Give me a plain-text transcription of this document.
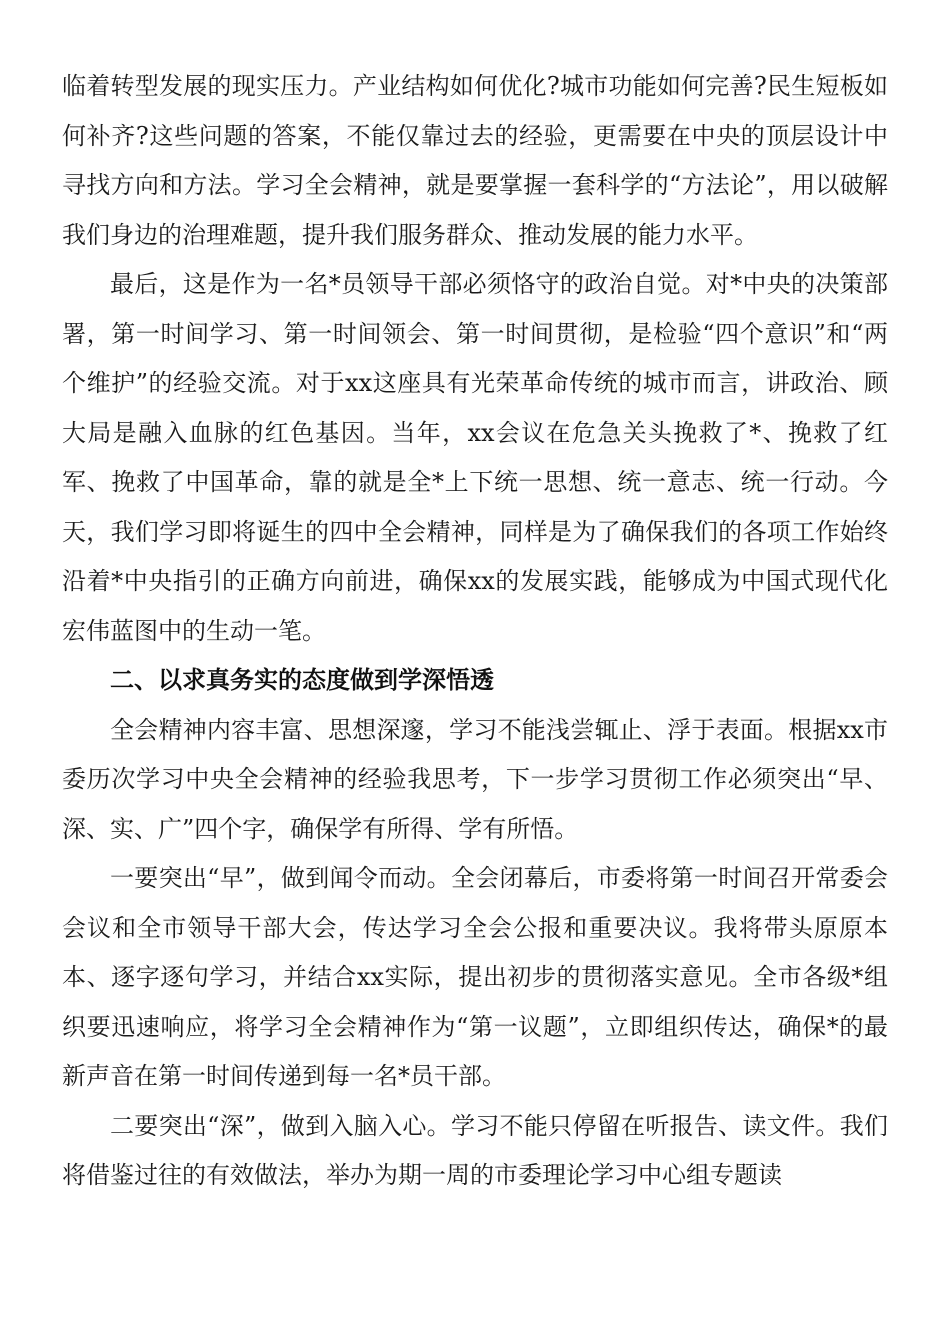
临着转型发展的现实压力。产业结构如何优化?城市功能如何完善?民生短板如何补齐?这些问题的答案，不能仅靠过去的经验，更需要在中央的顶层设计中寻找方向和方法。学习全会精神，就是要掌握一套科学的“方法论”，用以破解我们身边的治理难题，提升我们服务群众、推动发展的能力水平。

最后，这是作为一名*员领导干部必须恪守的政治自觉。对*中央的决策部署，第一时间学习、第一时间领会、第一时间贯彻，是检验“四个意识”和“两个维护”的经验交流。对于xx这座具有光荣革命传统的城市而言，讲政治、顾大局是融入血脉的红色基因。当年，xx会议在危急关头挽救了*、挽救了红军、挽救了中国革命，靠的就是全*上下统一思想、统一意志、统一行动。今天，我们学习即将诞生的四中全会精神，同样是为了确保我们的各项工作始终沿着*中央指引的正确方向前进，确保xx的发展实践，能够成为中国式现代化宏伟蓝图中的生动一笔。

二、以求真务实的态度做到学深悟透

全会精神内容丰富、思想深邃，学习不能浅尝辄止、浮于表面。根据xx市委历次学习中央全会精神的经验我思考，下一步学习贯彻工作必须突出“早、深、实、广”四个字，确保学有所得、学有所悟。

一要突出“早”，做到闻令而动。全会闭幕后，市委将第一时间召开常委会会议和全市领导干部大会，传达学习全会公报和重要决议。我将带头原原本本、逐字逐句学习，并结合xx实际，提出初步的贯彻落实意见。全市各级*组织要迅速响应，将学习全会精神作为“第一议题”，立即组织传达，确保*的最新声音在第一时间传递到每一名*员干部。

二要突出“深”，做到入脑入心。学习不能只停留在听报告、读文件。我们将借鉴过往的有效做法，举办为期一周的市委理论学习中心组专题读
